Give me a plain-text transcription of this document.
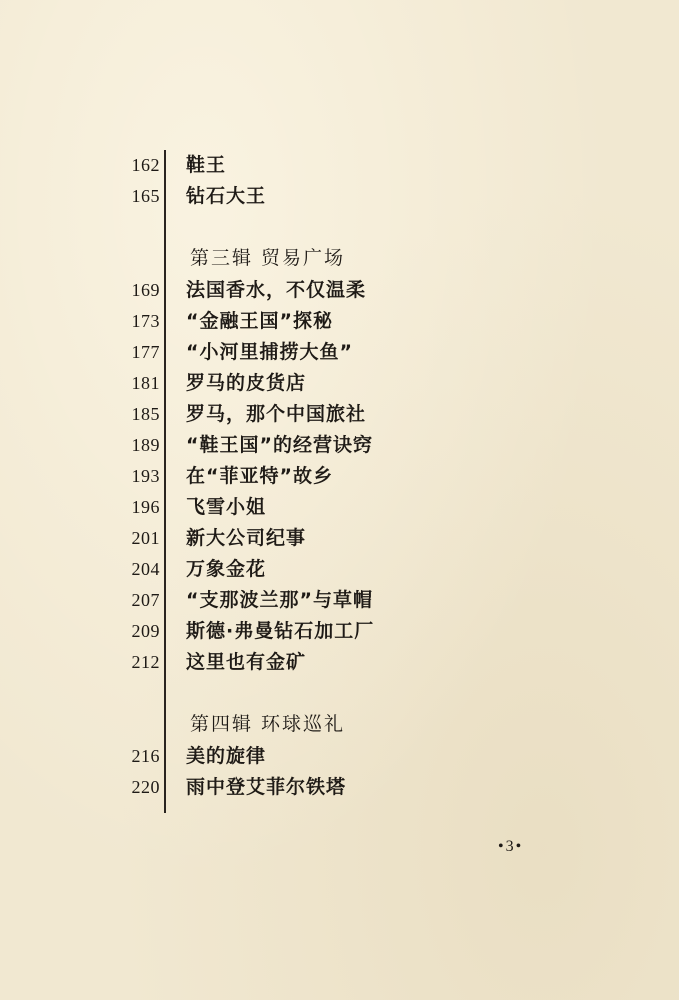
162 鞋王
165 钻石大王
第三辑 贸易广场
169 法国香水，不仅温柔
173 “金融王国”探秘
177 “小河里捕捞大鱼”
181 罗马的皮货店
185 罗马，那个中国旅社
189 “鞋王国”的经营诀窍
193 在“菲亚特”故乡
196 飞雪小姐
201 新大公司纪事
204 万象金花
207 “支那波兰那”与草帽
209 斯德·弗曼钻石加工厂
212 这里也有金矿
第四辑 环球巡礼
216 美的旋律
220 雨中登艾菲尔铁塔
•3•
